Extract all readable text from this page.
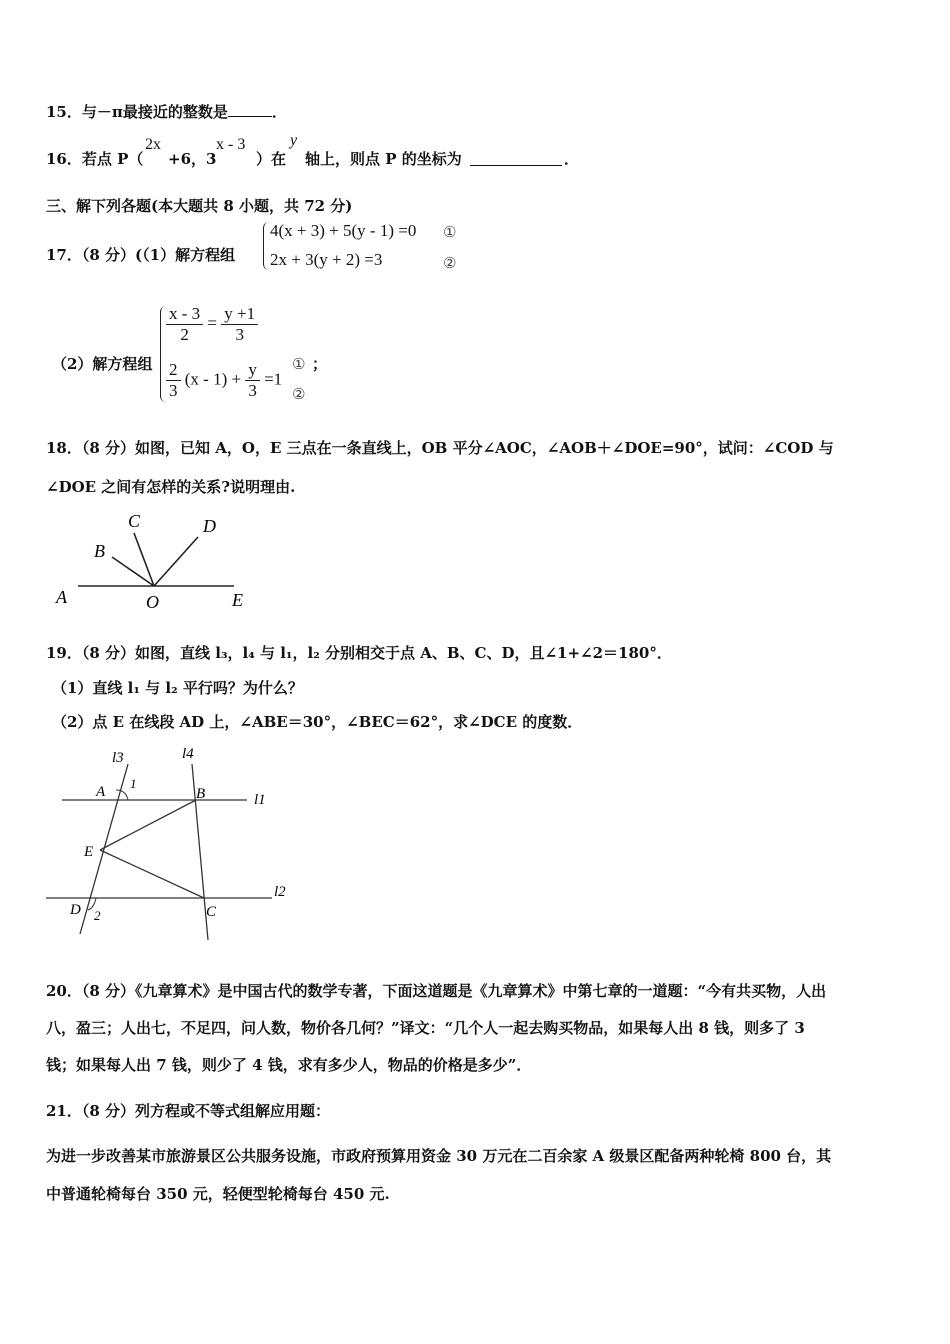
15．与－π最接近的整数是	．
16．若点 P（
2x
+6，3
x - 3
）在
y
轴上，则点 P 的坐标为	．
三、解下列各题(本大题共 8 小题，共 72 分)
17．（8 分）(（1）解方程组
4(x + 3) + 5(y - 1) =0 ①
2x + 3(y + 2) =3	②
（2）解方程组
$\frac{x - 3}{2} = \frac{y +1}{3}$
$\frac{2}{3} (x - 1) + \frac{y}{3} =1$
① ；
②
18．（8 分）如图，已知 A，O，E 三点在一条直线上，OB 平分∠AOC，∠AOB＋∠DOE=90°，试问：∠COD 与
∠DOE 之间有怎样的关系?说明理由.
A
B
C	D
O	E
19．（8 分）如图，直线 l₃，l₄ 与 l₁，l₂ 分别相交于点 A、B、C、D，且∠1+∠2＝180°．
（1）直线 l₁ 与 l₂ 平行吗？为什么？
（2）点 E 在线段 AD 上，∠ABE＝30°，∠BEC＝62°，求∠DCE 的度数．
l3	l4
l1
l2
A	B
E
D	C
1
2
20．（8 分）《九章算术》是中国古代的数学专著，下面这道题是《九章算术》中第七章的一道题：“今有共买物，人出
八，盈三；人出七，不足四，问人数，物价各几何？”译文：“几个人一起去购买物品，如果每人出 8 钱，则多了 3
钱；如果每人出 7 钱，则少了 4 钱，求有多少人，物品的价格是多少”．
21．（8 分）列方程或不等式组解应用题：
为进一步改善某市旅游景区公共服务设施，市政府预算用资金 30 万元在二百余家 A 级景区配备两种轮椅 800 台，其
中普通轮椅每台 350 元，轻便型轮椅每台 450 元.
